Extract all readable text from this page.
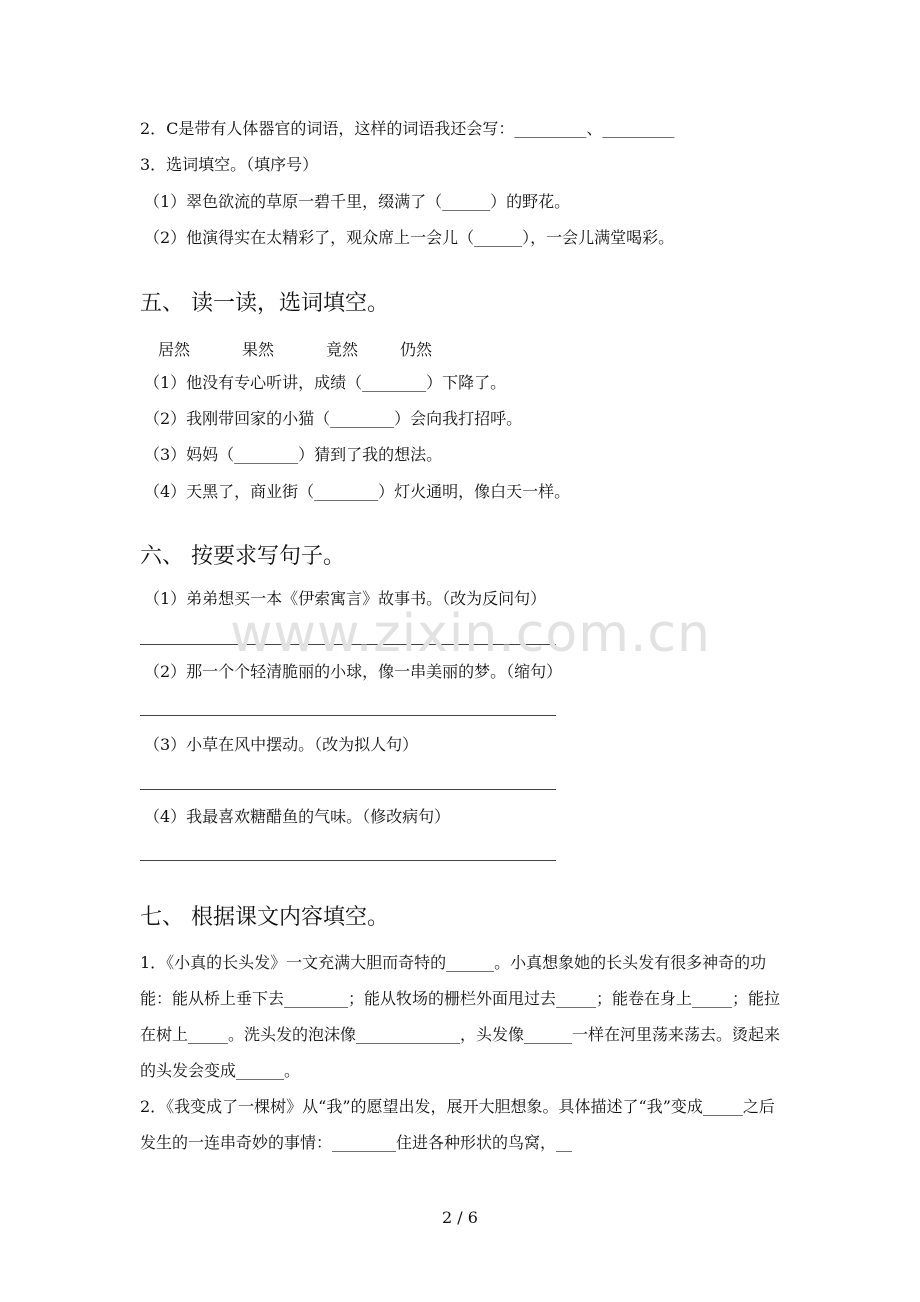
2．C是带有人体器官的词语，这样的词语我还会写：_________、_________
3．选词填空。（填序号）
（1）翠色欲流的草原一碧千里，缀满了（______）的野花。
（2）他演得实在太精彩了，观众席上一会儿（______），一会儿满堂喝彩。
五、 读一读，选词填空。
居然	果然	竟然	仍然
（1）他没有专心听讲，成绩（________）下降了。
（2）我刚带回家的小猫（________）会向我打招呼。
（3）妈妈（________）猜到了我的想法。
（4）天黑了，商业街（________）灯火通明，像白天一样。
六、 按要求写句子。
（1）弟弟想买一本《伊索寓言》故事书。（改为反问句）
（2）那一个个轻清脆丽的小球，像一串美丽的梦。（缩句）
（3）小草在风中摆动。（改为拟人句）
（4）我最喜欢糖醋鱼的气味。（修改病句）
七、 根据课文内容填空。
1．《小真的长头发》一文充满大胆而奇特的______。小真想象她的长头发有很多神奇的功能：能从桥上垂下去________；能从牧场的栅栏外面甩过去_____；能卷在身上_____；能拉在树上_____。洗头发的泡沫像_____________，头发像______一样在河里荡来荡去。烫起来的头发会变成______。
2．《我变成了一棵树》从“我”的愿望出发，展开大胆想象。具体描述了“我”变成_____之后发生的一连串奇妙的事情：________住进各种形状的鸟窝，__
www.zixin.com.cn
2 / 6
